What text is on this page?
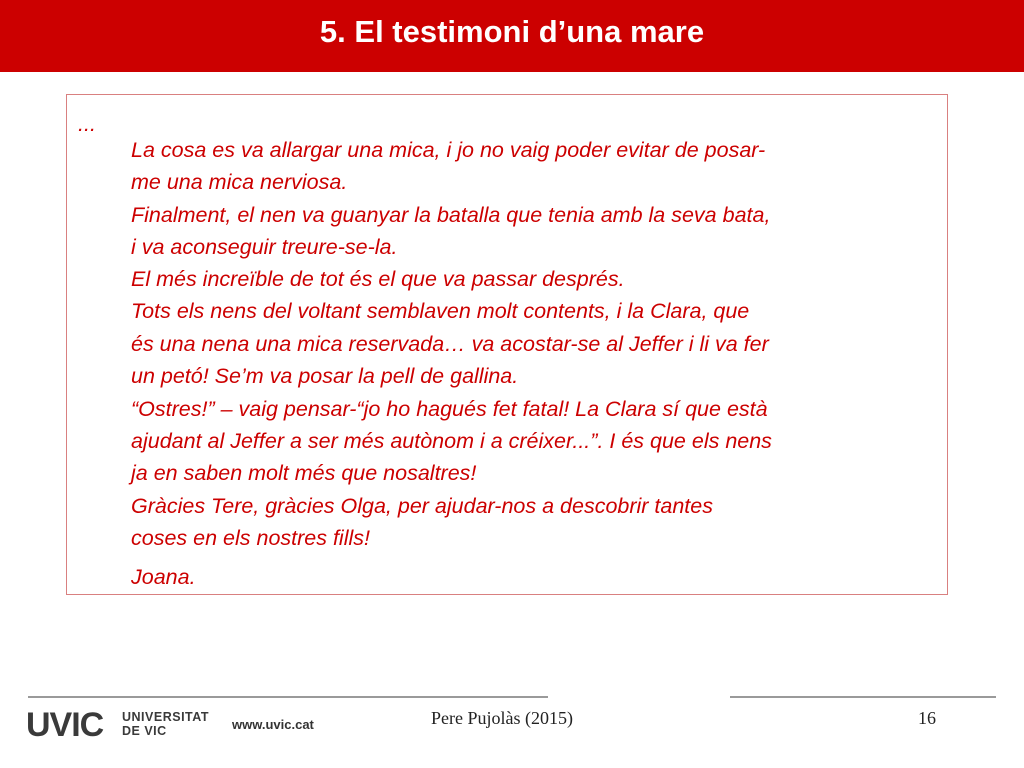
5. El testimoni d’una mare
...
La cosa es va allargar una mica, i jo no vaig poder evitar de posar-
me una mica nerviosa.
Finalment, el nen va guanyar la batalla que tenia amb la seva bata,
i va aconseguir treure-se-la.
El més increïble de tot és el que va passar després.
Tots els nens del voltant semblaven molt contents, i la Clara, que
és una nena una mica reservada… va acostar-se al Jeffer i li va fer
un petó! Se’m va posar la pell de gallina.
“Ostres!” – vaig pensar-“jo ho hagués fet fatal! La Clara sí que està
ajudant al Jeffer a ser més autònom i a créixer...”. I és que els nens
ja en saben molt més que nosaltres!
Gràcies Tere, gràcies Olga, per ajudar-nos a descobrir tantes
coses en els nostres fills!
Joana.
UVIC UNIVERSITAT
DE VIC	www.uvic.cat	Pere Pujolàs (2015)	16
